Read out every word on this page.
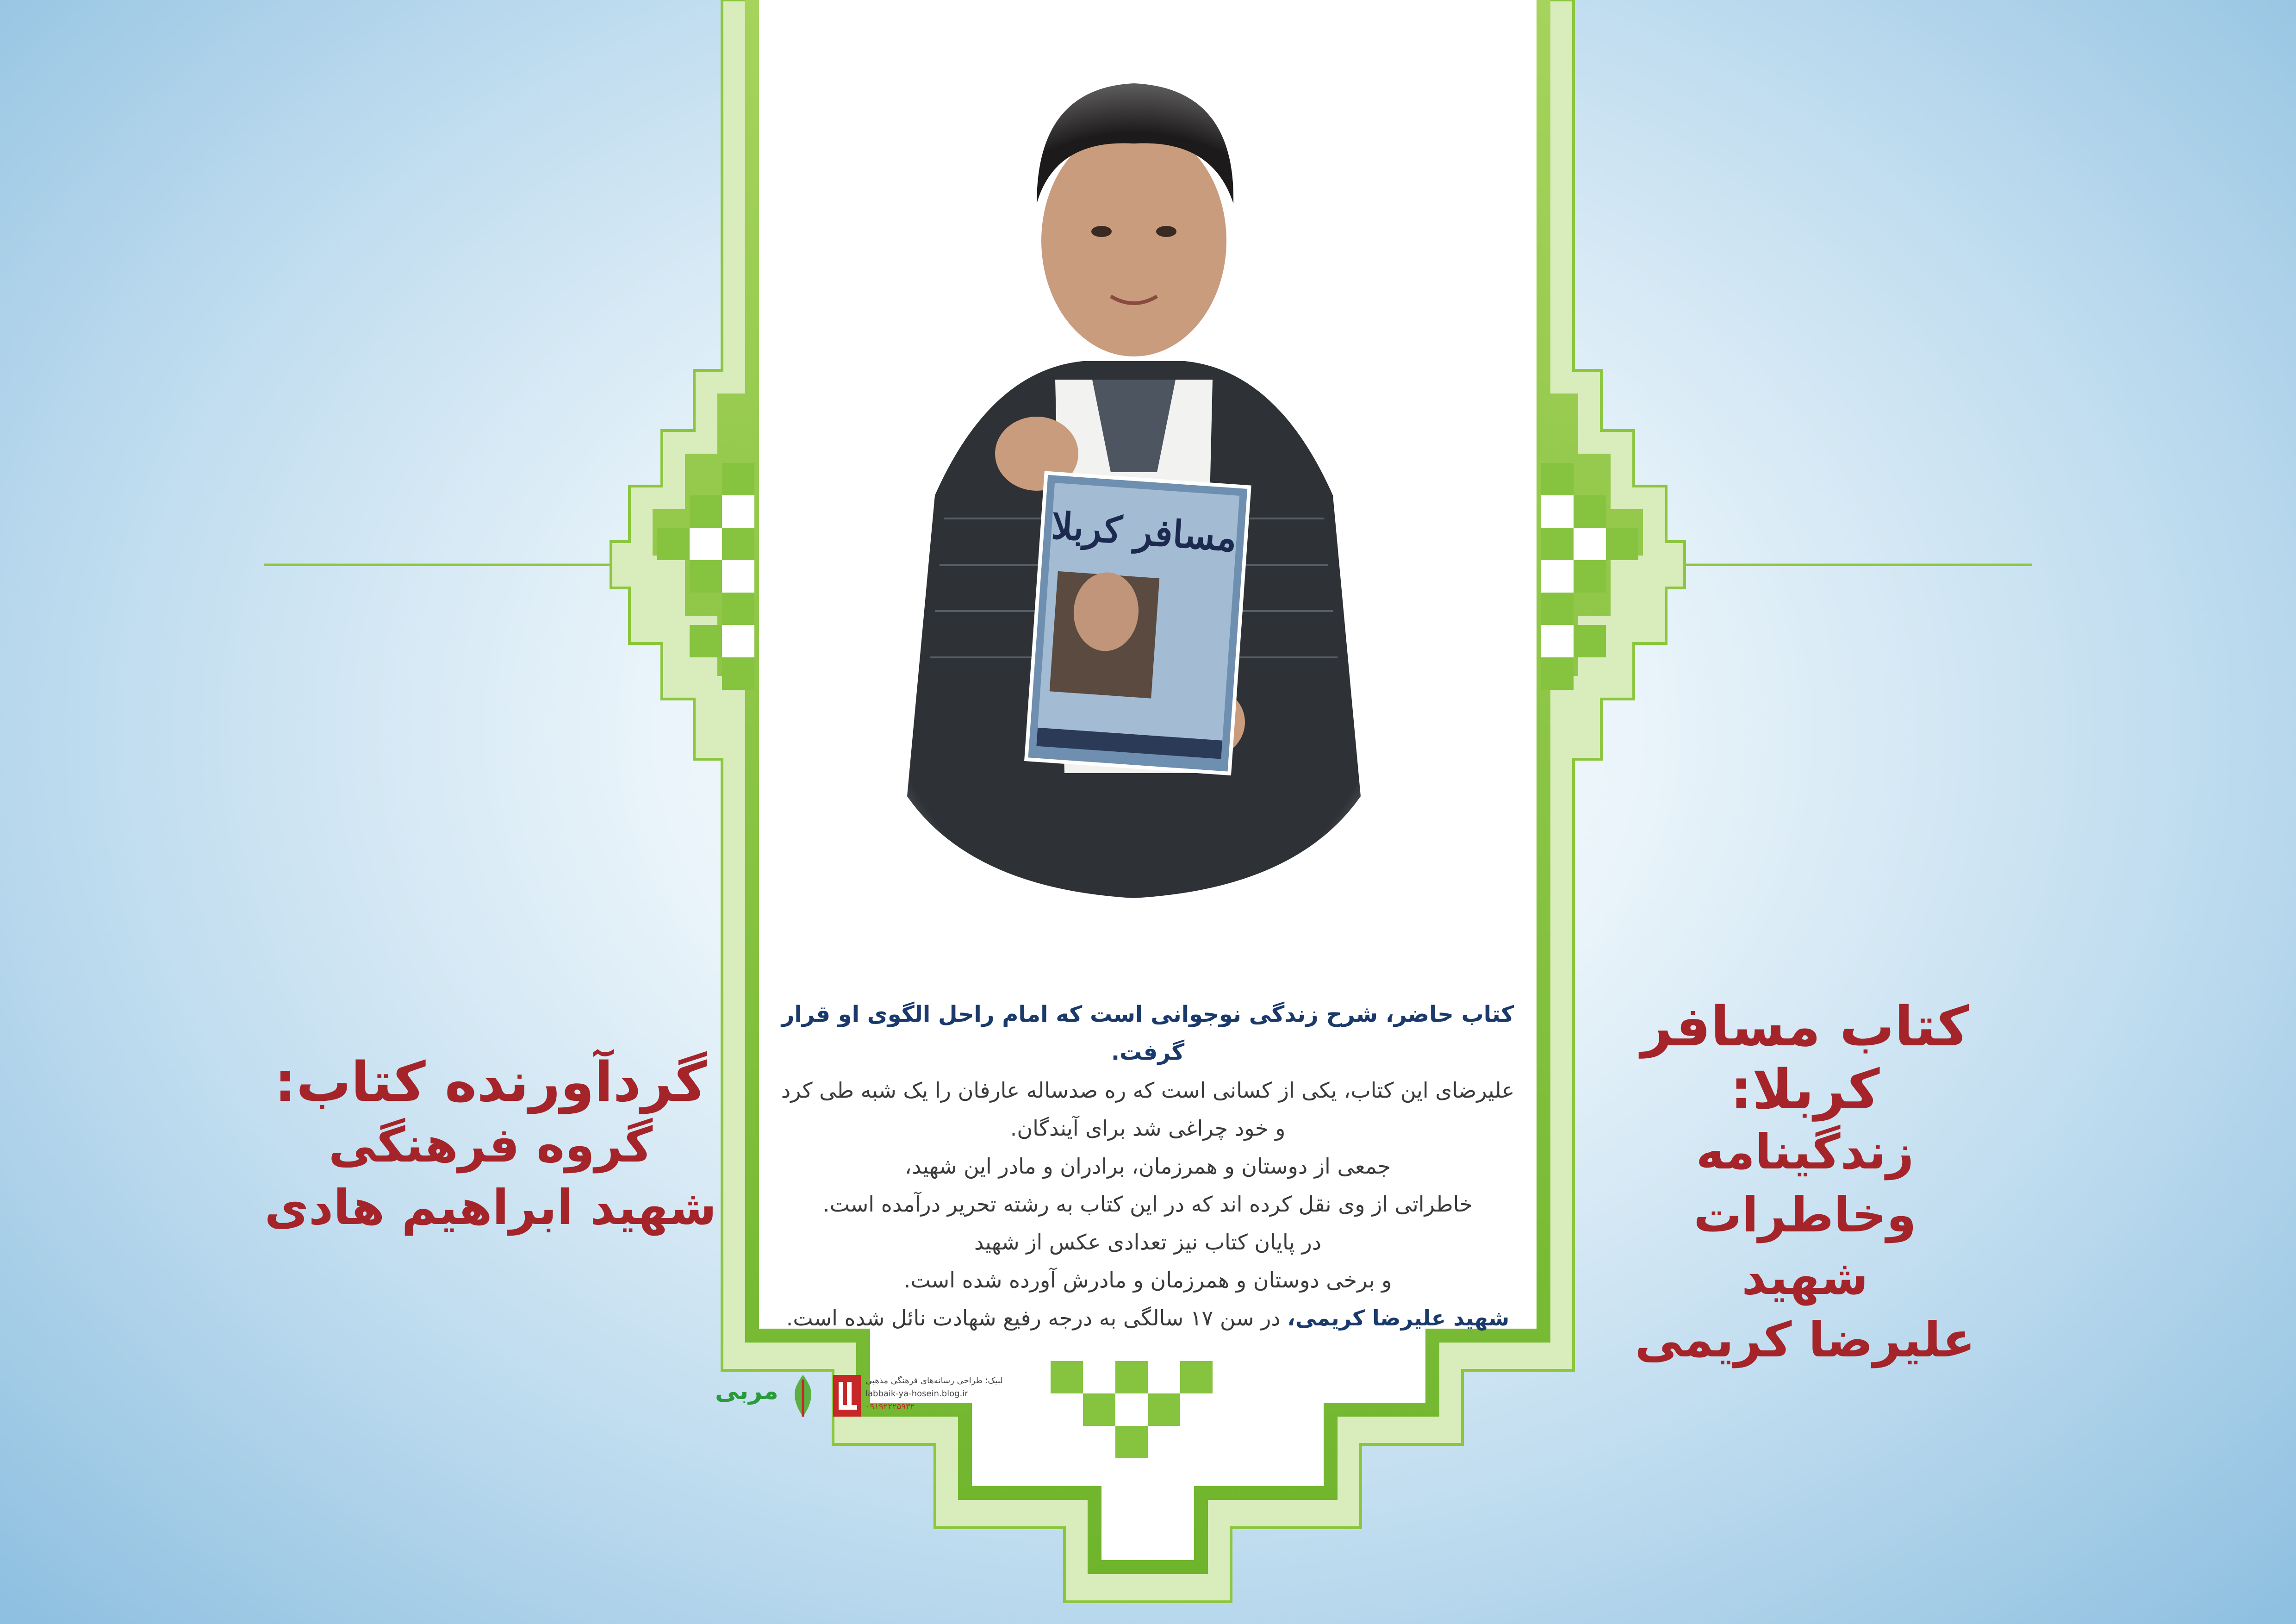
گردآورنده کتاب:
گروه فرهنگی
شهید ابراهیم هادی
کتاب مسافر کربلا:
زندگینامه
وخاطرات
شهید
علیرضا کریمی
کتاب حاضر، شرح زندگی نوجوانی است که امام راحل الگوی او قرار گرفت.
علیرضای این کتاب، یکی از کسانی است که ره صدساله عارفان را یک شبه طی کرد
و خود چراغی شد برای آیندگان.
جمعی از دوستان و همرزمان، برادران و مادر این شهید،
خاطراتی از وی نقل کرده اند که در این کتاب به رشته تحریر درآمده است.
در پایان کتاب نیز تعدادی عکس از شهید
و برخی دوستان و همرزمان و مادرش آورده شده است.
شهید علیرضا کریمی، در سن ۱۷ سالگی به درجه رفیع شهادت نائل شده است.
مربی	لبیک؛ طراحی رسانه‌های فرهنگی مذهبی
labbaik-ya-hosein.blog.ir
۰۹۱۹۲۲۲۵۹۳۲
